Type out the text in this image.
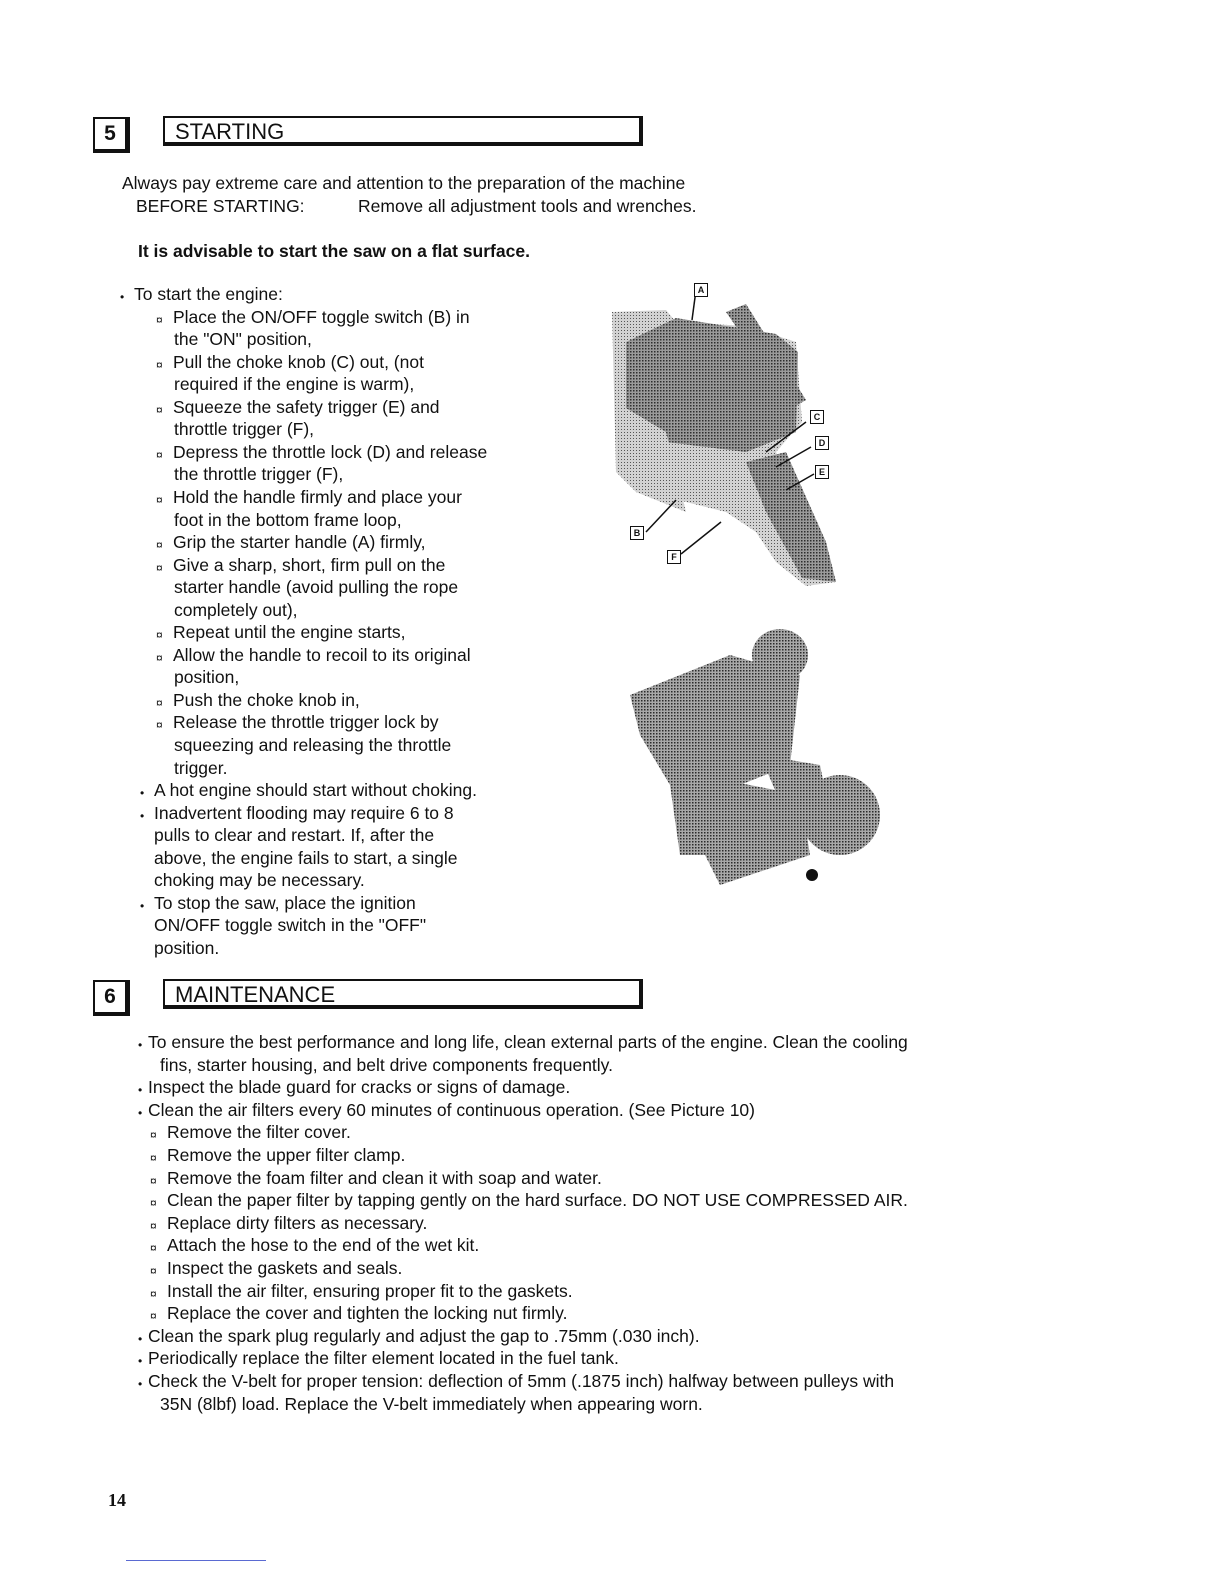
5	STARTING
Always pay extreme care and attention to the preparation of the machine
BEFORE STARTING:	Remove all adjustment tools and wrenches.
It is advisable to start the saw on a flat surface.
• To start the engine:
¤ Place the ON/OFF toggle switch (B) in
the "ON" position,
¤ Pull the choke knob (C) out, (not
required if the engine is warm),
¤ Squeeze the safety trigger (E) and
throttle trigger (F),
¤ Depress the throttle lock (D) and release
the throttle trigger (F),
¤ Hold the handle firmly and place your
foot in the bottom frame loop,
¤ Grip the starter handle (A) firmly,
¤ Give a sharp, short, firm pull on the
starter handle (avoid pulling the rope
completely out),
¤ Repeat until the engine starts,
¤ Allow the handle to recoil to its original
position,
¤ Push the choke knob in,
¤ Release the throttle trigger lock by
squeezing and releasing the throttle
trigger.
• A hot engine should start without choking.
• Inadvertent flooding may require 6 to 8
pulls to clear and restart. If, after the
above, the engine fails to start, a single
choking may be necessary.
• To stop the saw, place the ignition
ON/OFF toggle switch in the "OFF"
position.
A
C
D
E
B
F
6	MAINTENANCE
• To ensure the best performance and long life, clean external parts of the engine. Clean the cooling
fins, starter housing, and belt drive components frequently.
• Inspect the blade guard for cracks or signs of damage.
• Clean the air filters every 60 minutes of continuous operation. (See Picture 10)
¤ Remove the filter cover.
¤ Remove the upper filter clamp.
¤ Remove the foam filter and clean it with soap and water.
¤ Clean the paper filter by tapping gently on the hard surface. DO NOT USE COMPRESSED AIR.
¤ Replace dirty filters as necessary.
¤ Attach the hose to the end of the wet kit.
¤ Inspect the gaskets and seals.
¤ Install the air filter, ensuring proper fit to the gaskets.
¤ Replace the cover and tighten the locking nut firmly.
• Clean the spark plug regularly and adjust the gap to .75mm (.030 inch).
• Periodically replace the filter element located in the fuel tank.
• Check the V-belt for proper tension: deflection of 5mm (.1875 inch) halfway between pulleys with
35N (8lbf) load. Replace the V-belt immediately when appearing worn.
14
